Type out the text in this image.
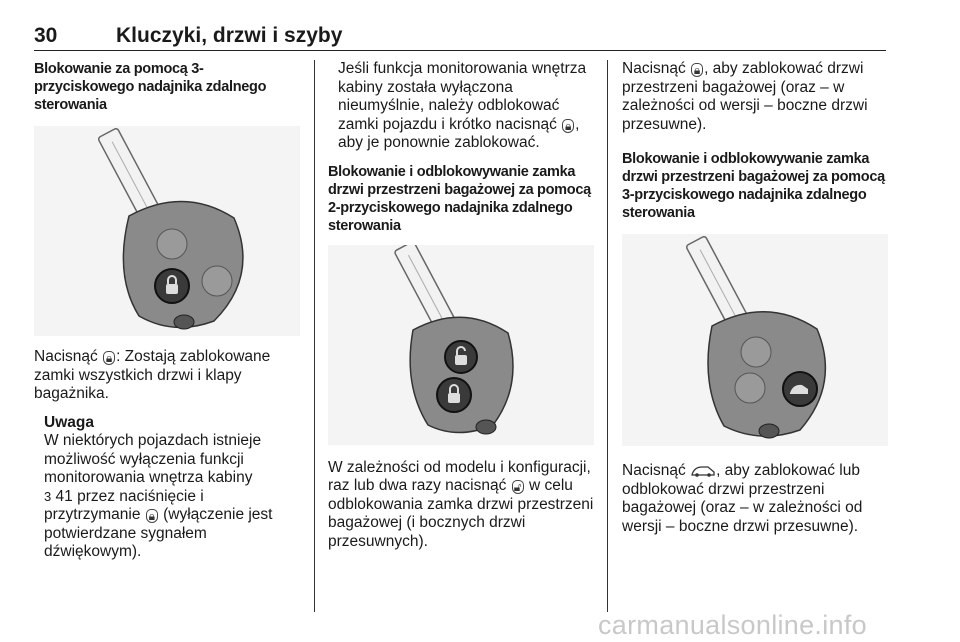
30	Kluczyki, drzwi i szyby
Blokowanie za pomocą 3-przyciskowego nadajnika zdalnego sterowania

Nacisnąć 🔒︎ : Zostają zablokowane zamki wszystkich drzwi i klapy bagażnika.

Uwaga

W niektórych pojazdach istnieje możliwość wyłączenia funkcji monitorowania wnętrza kabiny
3 41 przez naciśnięcie i przytrzymanie 🔒︎ (wyłączenie jest potwierdzane sygnałem dźwiękowym).

Jeśli funkcja monitorowania wnętrza kabiny została wyłączona nieumyślnie, należy odblokować zamki pojazdu i krótko nacisnąć 🔒︎ , aby je ponownie zablokować.

Blokowanie i odblokowywanie zamka drzwi przestrzeni bagażowej za pomocą 2-przyciskowego nadajnika zdalnego sterowania

W zależności od modelu i konfiguracji, raz lub dwa razy nacisnąć 🔓︎ w celu odblokowania zamka drzwi przestrzeni bagażowej (i bocznych drzwi przesuwnych).

Nacisnąć 🔒︎ , aby zablokować drzwi przestrzeni bagażowej (oraz – w zależności od wersji – boczne drzwi przesuwne).

Blokowanie i odblokowywanie zamka drzwi przestrzeni bagażowej za pomocą 3-przyciskowego nadajnika zdalnego sterowania

Nacisnąć
, aby zablokować lub odblokować drzwi przestrzeni bagażowej (oraz – w zależności od wersji – boczne drzwi przesuwne).

carmanualsonline.info
